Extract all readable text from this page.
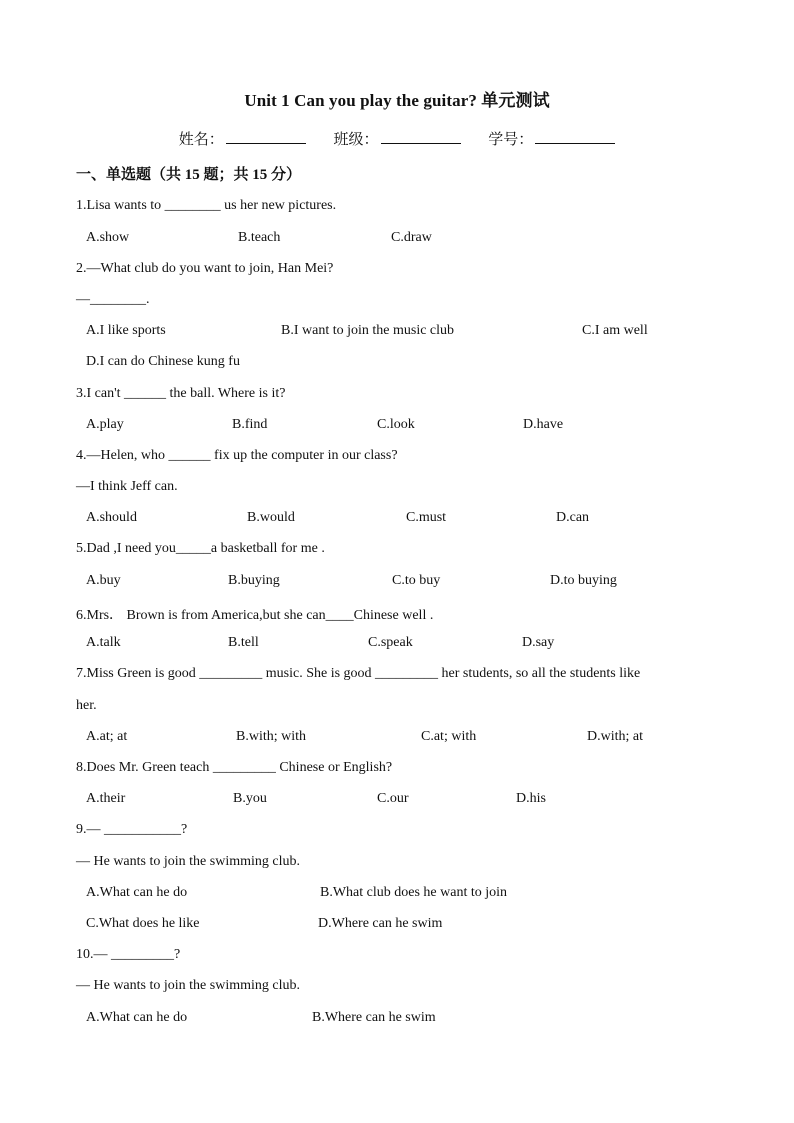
Unit 1 Can you play the guitar? 单元测试
姓名：	班级：	学号：
一、单选题（共 15 题；共 15 分）
1.Lisa wants to ________ us her new pictures.
A.show	B.teach	C.draw
2.—What club do you want to join, Han Mei?
—________.
A.I like sports	B.I want to join the music club	C.I am well
D.I can do Chinese kung fu
3.I can't ______ the ball. Where is it?
A.play	B.find	C.look	D.have
4.—Helen, who ______ fix up the computer in our class?
—I think Jeff can.
A.should	B.would	C.must	D.can
5.Dad ,I need you_____a basketball for me .
A.buy	B.buying	C.to buy	D.to buying
6.Mrs． Brown is from America,but she can____Chinese well .
A.talk	B.tell	C.speak	D.say
7.Miss Green is good _________ music. She is good _________ her students, so all the students like
her.
A.at; at	B.with; with	C.at; with	D.with; at
8.Does Mr. Green teach _________ Chinese or English?
A.their	B.you	C.our	D.his
9.— ___________?
— He wants to join the swimming club.
A.What can he do	B.What club does he want to join
C.What does he like	D.Where can he swim
10.— _________?
— He wants to join the swimming club.
A.What can he do	B.Where can he swim
